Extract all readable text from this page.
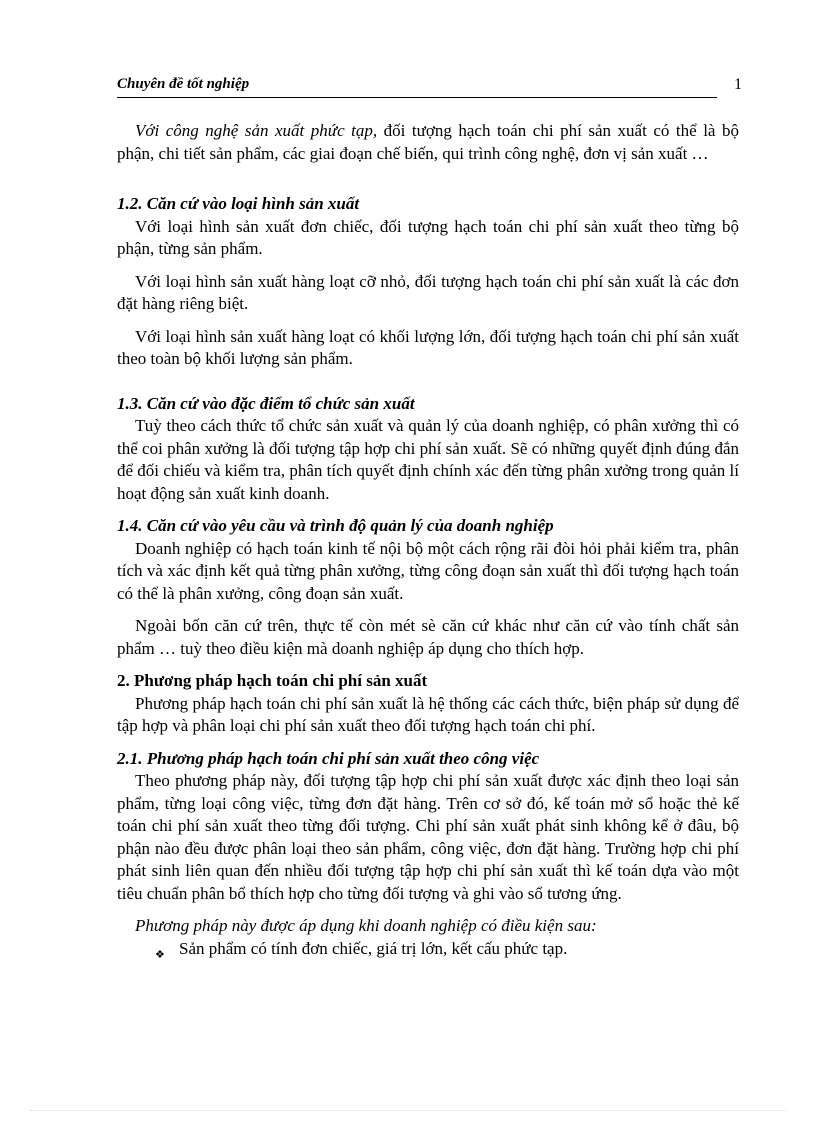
Chuyên đề tốt nghiệp	1

Với công nghệ sản xuất phức tạp, đối tượng hạch toán chi phí sản xuất có thể là bộ phận, chi tiết sản phẩm, các giai đoạn chế biến, qui trình công nghệ, đơn vị sản xuất …

1.2. Căn cứ vào loại hình sản xuất

Với loại hình sản xuất đơn chiếc, đối tượng hạch toán chi phí sản xuất theo từng bộ phận, từng sản phẩm.

Với loại hình sản xuất hàng loạt cỡ nhỏ, đối tượng hạch toán chi phí sản xuất là các đơn đặt hàng riêng biệt.

Với loại hình sản xuất hàng loạt có khối lượng lớn, đối tượng hạch toán chi phí sản xuất theo toàn bộ khối lượng sản phẩm.

1.3. Căn cứ vào đặc điểm tổ chức sản xuất

Tuỳ theo cách thức tổ chức sản xuất và quản lý của doanh nghiệp, có phân xưởng thì có thể coi phân xưởng là đối tượng tập hợp chi phí sản xuất. Sẽ có những quyết định đúng đắn để đối chiếu và kiểm tra, phân tích quyết định chính xác đến từng phân xưởng trong quản lí hoạt động sản xuất kinh doanh.

1.4. Căn cứ vào yêu cầu và trình độ quản lý của doanh nghiệp

Doanh nghiệp có hạch toán kinh tế nội bộ một cách rộng rãi đòi hỏi phải kiểm tra, phân tích và xác định kết quả từng phân xưởng, từng công đoạn sản xuất thì đối tượng hạch toán có thể là phân xưởng, công đoạn sản xuất.

Ngoài bốn căn cứ trên, thực tế còn mét sè căn cứ khác như căn cứ vào tính chất sản phẩm … tuỳ theo điều kiện mà doanh nghiệp áp dụng cho thích hợp.

2. Phương pháp hạch toán chi phí sản xuất

Phương pháp hạch toán chi phí sản xuất là hệ thống các cách thức, biện pháp sử dụng để tập hợp và phân loại chi phí sản xuất theo đối tượng hạch toán chi phí.

2.1. Phương pháp hạch toán chi phí sản xuất theo công việc

Theo phương pháp này, đối tượng tập hợp chi phí sản xuất được xác định theo loại sản phẩm, từng loại công việc, từng đơn đặt hàng. Trên cơ sở đó, kế toán mở sổ hoặc thẻ kế toán chi phí sản xuất theo từng đối tượng. Chi phí sản xuất phát sinh không kể ở đâu, bộ phận nào đều được phân loại theo sản phẩm, công việc, đơn đặt hàng. Trường hợp chi phí phát sinh liên quan đến nhiều đối tượng tập hợp chi phí sản xuất thì kế toán dựa vào một tiêu chuẩn phân bổ thích hợp cho từng đối tượng và ghi vào sổ tương ứng.

Phương pháp này được áp dụng khi doanh nghiệp có điều kiện sau:

❖ Sản phẩm có tính đơn chiếc, giá trị lớn, kết cấu phức tạp.
